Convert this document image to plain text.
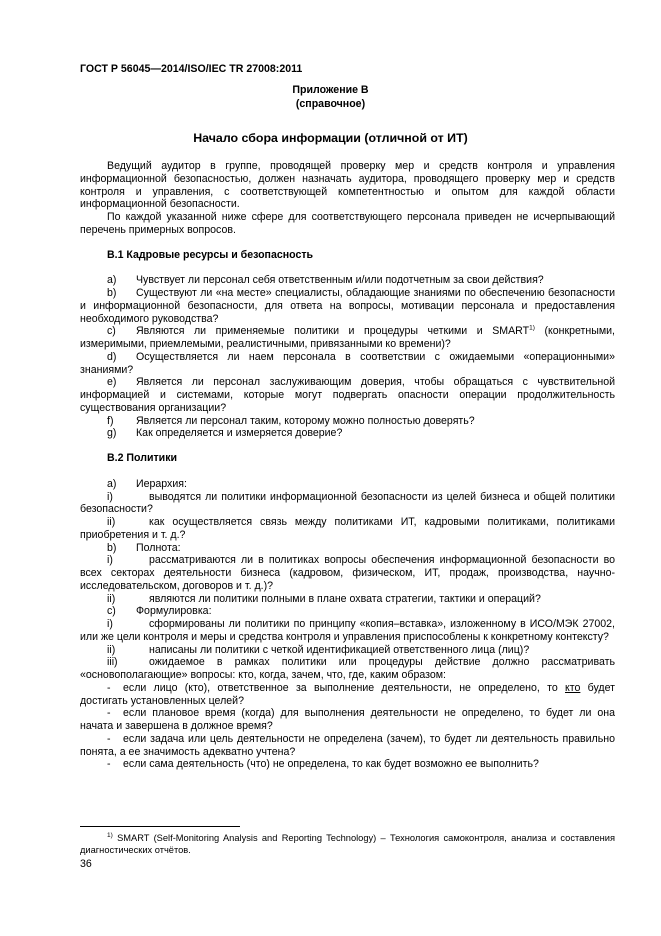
ГОСТ Р 56045—2014/ISO/IEC TR 27008:2011
Приложение В
(справочное)
Начало сбора информации (отличной от ИТ)

Ведущий аудитор в группе, проводящей проверку мер и средств контроля и управления информационной безопасностью, должен назначать аудитора, проводящего проверку мер и средств контроля и управления, с соответствующей компетентностью и опытом для каждой области информационной безопасности.

По каждой указанной ниже сфере для соответствующего персонала приведен не исчерпывающий перечень примерных вопросов.

В.1 Кадровые ресурсы и безопасность

a) Чувствует ли персонал себя ответственным и/или подотчетным за свои действия?

b) Существуют ли «на месте» специалисты, обладающие знаниями по обеспечению безопасности и информационной безопасности, для ответа на вопросы, мотивации персонала и предоставления необходимого руководства?

c) Являются ли применяемые политики и процедуры четкими и SMART$^{1)}$ (конкретными, измеримыми, приемлемыми, реалистичными, привязанными ко времени)?

d) Осуществляется ли наем персонала в соответствии с ожидаемыми «операционными» знаниями?

e) Является ли персонал заслуживающим доверия, чтобы обращаться с чувствительной информацией и системами, которые могут подвергать опасности операции продолжительность существования организации?

f) Является ли персонал таким, которому можно полностью доверять?

g) Как определяется и измеряется доверие?

В.2 Политики

a) Иерархия:

i)	выводятся ли политики информационной безопасности из целей бизнеса и общей политики безопасности?

ii)	как осуществляется связь между политиками ИТ, кадровыми политиками, политиками приобретения и т. д.?

b) Полнота:

i)	рассматриваются ли в политиках вопросы обеспечения информационной безопасности во всех секторах деятельности бизнеса (кадровом, физическом, ИТ, продаж, производства, научно-исследовательском, договоров и т. д.)?

ii)	являются ли политики полными в плане охвата стратегии, тактики и операций?

c) Формулировка:

i)	сформированы ли политики по принципу «копия–вставка», изложенному в ИСО/МЭК 27002, или же цели контроля и меры и средства контроля и управления приспособлены к конкретному контексту?

ii)	написаны ли политики с четкой идентификацией ответственного лица (лиц)?

iii)	ожидаемое в рамках политики или процедуры действие должно рассматривать «основополагающие» вопросы: кто, когда, зачем, что, где, каким образом:

- если лицо (кто), ответственное за выполнение деятельности, не определено, то кто будет достигать установленных целей?

- если плановое время (когда) для выполнения деятельности не определено, то будет ли она начата и завершена в должное время?

- если задача или цель деятельности не определена (зачем), то будет ли деятельность правильно понята, а ее значимость адекватно учтена?

- если сама деятельность (что) не определена, то как будет возможно ее выполнить?

$^{1)}$ SMART (Self-Monitoring Analysis and Reporting Technology) – Технология самоконтроля, анализа и составления диагностических отчётов.
36
